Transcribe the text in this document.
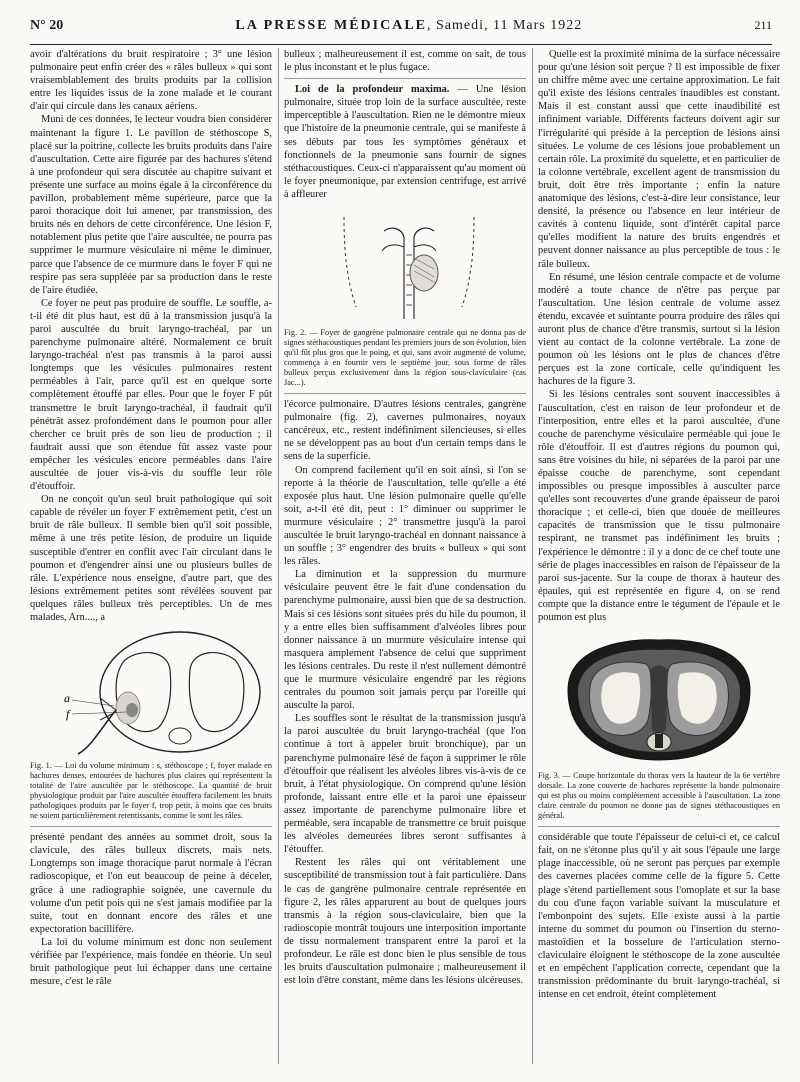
N° 20	LA PRESSE MÉDICALE, Samedi, 11 Mars 1922	211

avoir d'altérations du bruit respiratoire ; 3° une lésion pulmonaire peut enfin créer des « râles bulleux » qui sont vraisemblablement des bruits produits par la collision entre les liquides issus de la zone malade et le courant d'air qui circule dans les canaux aériens.

Muni de ces données, le lecteur voudra bien considérer maintenant la figure 1. Le pavillon de stéthoscope S, placé sur la poitrine, collecte les bruits produits dans l'aire d'auscultation. Cette aire figurée par des hachures s'étend à une profondeur qui sera discutée au chapitre suivant et présente une surface au moins égale à la circonférence du pavillon, probablement même supérieure, parce que la paroi thoracique doit lui amener, par transmission, des bruits nés en dehors de cette circonférence. Une lésion F, notablement plus petite que l'aire auscultée, ne pourra pas supprimer le murmure vésiculaire ni même le diminuer, parce que l'absence de ce murmure dans le foyer F qui ne respire pas sera suppléée par sa production dans le reste de l'aire étudiée.

Ce foyer ne peut pas produire de souffle. Le souffle, a-t-il été dit plus haut, est dû à la transmission jusqu'à la paroi auscultée du bruit laryngo-trachéal, par un parenchyme pulmonaire altéré. Normalement ce bruit laryngo-trachéal n'est pas transmis à la paroi aussi longtemps que les vésicules pulmonaires restent perméables à l'air, parce qu'il est en quelque sorte complètement étouffé par elles. Pour que le foyer F pût transmettre le bruit laryngo-trachéal, il faudrait qu'il pénétrât assez profondément dans le poumon pour aller chercher ce bruit près de son lieu de production ; il faudrait aussi que son étendue fût assez vaste pour empêcher les vésicules encore perméables dans l'aire auscultée de jouer vis-à-vis du souffle leur rôle d'étouffoir.

On ne conçoit qu'un seul bruit pathologique qui soit capable de révéler un foyer F extrêmement petit, c'est un bruit de râle bulleux. Il semble bien qu'il soit possible, même à une très petite lésion, de produire un liquide susceptible d'entrer en conflit avec l'air circulant dans le poumon et d'engendrer ainsi une ou plusieurs bulles de râle. L'expérience nous enseigne, d'autre part, que des lésions extrêmement petites sont révélées souvent par quelques râles bulleux très perceptibles. Un de mes malades, Arn...., a

a
f
Fig. 1. — Loi du volume minimum : s, stéthoscope ; f, foyer malade en hachures denses, entourées de hachures plus claires qui représentent la totalité de l'aire auscultée par le stéthoscope. La quantité de bruit physiologique produit par l'aire auscultée étouffera facilement les bruits pathologiques produits par le foyer f, trop petit, à moins que ces bruits ne soient particulièrement retentissants, comme le sont les râles.

présenté pendant des années au sommet droit, sous la clavicule, des râles bulleux discrets, mais nets. Longtemps son image thoracique parut normale à l'écran radioscopique, et l'on eut beaucoup de peine à déceler, grâce à une radiographie soignée, une cavernule du volume d'un petit pois qui ne s'est jamais modifiée par la suite, tout en donnant encore des râles et une expectoration bacillifère.

La loi du volume minimum est donc non seulement vérifiée par l'expérience, mais fondée en théorie. Un seul bruit pathologique peut lui échapper dans une certaine mesure, c'est le râle

bulleux ; malheureusement il est, comme on sait, de tous le plus inconstant et le plus fugace.

Loi de la profondeur maxima. — Une lésion pulmonaire, située trop loin de la surface auscultée, reste imperceptible à l'auscultation. Rien ne le démontre mieux que l'histoire de la pneumonie centrale, qui se manifeste à ses débuts par tous les symptômes généraux et fonctionnels de la pneumonie sans fournir de signes stéthacoustiques. Ceux-ci n'apparaissent qu'au moment où le foyer pneumonique, par extension centrifuge, est arrivé à affleurer

Fig. 2. — Foyer de gangrène pulmonaire centrale qui ne donna pas de signes stéthacoustiques pendant les premiers jours de son évolution, bien qu'il fût plus gros que le poing, et qui, sans avoir augmenté de volume, commença à en fournir vers le septième jour, sous forme de râles bulleux perçus exclusivement dans la région sous-claviculaire (cas Jac...).

l'écorce pulmonaire. D'autres lésions centrales, gangrène pulmonaire (fig. 2), cavernes pulmonaires, noyaux cancéreux, etc., restent indéfiniment silencieuses, si elles ne se développent pas au bout d'un certain temps dans le sens de la superficie.

On comprend facilement qu'il en soit ainsi, si l'on se reporte à la théorie de l'auscultation, telle qu'elle a été exposée plus haut. Une lésion pulmonaire quelle qu'elle soit, a-t-il été dit, peut : 1° diminuer ou supprimer le murmure vésiculaire ; 2° transmettre jusqu'à la paroi auscultée le bruit laryngo-trachéal en donnant naissance à un souffle ; 3° engendrer des bruits « bulleux » qui sont les râles.

La diminution et la suppression du murmure vésiculaire peuvent être le fait d'une condensation du parenchyme pulmonaire, aussi bien que de sa destruction. Mais si ces lésions sont situées près du hile du poumon, il y a entre elles bien suffisamment d'alvéoles libres pour donner naissance à un murmure vésiculaire intense qui masquera amplement l'absence de celui que suppriment les lésions centrales. Du reste il n'est nullement démontré que le murmure vésiculaire engendré par les régions centrales du poumon soit jamais perçu par l'oreille qui ausculte la paroi.

Les souffles sont le résultat de la transmission jusqu'à la paroi auscultée du bruit laryngo-trachéal (que l'on continue à tort à appeler bruit bronchique), par un parenchyme pulmonaire lésé de façon à supprimer le rôle d'étouffoir que réalisent les alvéoles libres vis-à-vis de ce bruit, à l'état physiologique. On comprend qu'une lésion profonde, laissant entre elle et la paroi une épaisseur assez importante de parenchyme pulmonaire libre et perméable, sera incapable de transmettre ce bruit puisque les alvéoles demeurées libres seront suffisantes à l'étouffer.

Restent les râles qui ont véritablement une susceptibilité de transmission tout à fait particulière. Dans le cas de gangrène pulmonaire centrale représentée en figure 2, les râles apparurent au bout de quelques jours transmis à la région sous-claviculaire, bien que la radioscopie montrât toujours une interposition importante de tissu normalement transparent entre la paroi et la profondeur. Le râle est donc bien le plus sensible de tous les bruits d'auscultation pulmonaire ; malheureusement il est loin d'être constant, même dans les lésions ulcéreuses.

Quelle est la proximité minima de la surface nécessaire pour qu'une lésion soit perçue ? Il est impossible de fixer un chiffre même avec une certaine approximation. Le fait qu'il existe des lésions centrales inaudibles est constant. Mais il est constant aussi que cette inaudibilité est infiniment variable. Différents facteurs doivent agir sur l'irrégularité qui préside à la perception de lésions ainsi situées. Le volume de ces lésions joue probablement un certain rôle. La proximité du squelette, et en particulier de la colonne vertébrale, excellent agent de transmission du bruit, doit être très importante ; enfin la nature anatomique des lésions, c'est-à-dire leur consistance, leur densité, la présence ou l'absence en leur intérieur de cavités à contenu liquide, sont d'intérêt capital parce qu'elles modifient la nature des bruits engendrés et peuvent donner naissance au plus perceptible de tous : le râle bulleux.

En résumé, une lésion centrale compacte et de volume modéré a toute chance de n'être pas perçue par l'auscultation. Une lésion centrale de volume assez étendu, excavée et suintante pourra produire des râles qui auront plus de chance d'être transmis, surtout si la lésion vient au contact de la colonne vertébrale. La zone de poumon où les lésions ont le plus de chances d'être perçues est la zone corticale, celle qu'indiquent les hachures de la figure 3.

Si les lésions centrales sont souvent inaccessibles à l'auscultation, c'est en raison de leur profondeur et de l'interposition, entre elles et la paroi auscultée, d'une couche de parenchyme vésiculaire perméable qui joue le rôle d'étouffoir. Il est d'autres régions du poumon qui, sans être voisines du hile, ni séparées de la paroi par une épaisse couche de parenchyme, sont cependant impossibles ou presque impossibles à ausculter parce qu'elles sont recouvertes d'une grande épaisseur de paroi thoracique ; et celle-ci, bien que douée de meilleures capacités de transmission que le tissu pulmonaire respirant, ne transmet pas indéfiniment les bruits ; l'expérience le démontre : il y a donc de ce chef toute une série de plages inaccessibles en raison de l'épaisseur de la paroi sus-jacente. Sur la coupe de thorax à hauteur des épaules, qui est représentée en figure 4, on se rend compte que la distance entre le tégument de l'épaule et le poumon est plus

Fig. 3. — Coupe horizontale du thorax vers la hauteur de la 6e vertèbre dorsale. La zone couverte de hachures représente la bande pulmonaire qui est plus ou moins complètement accessible à l'auscultation. La zone claire centrale du poumon ne donne pas de signes stéthacoustiques en général.

considérable que toute l'épaisseur de celui-ci et, ce calcul fait, on ne s'étonne plus qu'il y ait sous l'épaule une large plage inaccessible, où ne seront pas perçues par exemple des cavernes placées comme celle de la figure 5. Cette plage s'étend partiellement sous l'omoplate et sur la base du cou d'une façon variable suivant la musculature et l'embonpoint des sujets. Elle existe aussi à la partie interne du sommet du poumon où l'insertion du sterno-mastoïdien et la bosselure de l'articulation sterno-claviculaire éloignent le stéthoscope de la zone auscultée et en empêchent l'application correcte, cependant que la transmission prédominante du bruit laryngo-trachéal, si intense en cet endroit, éteint complètement
